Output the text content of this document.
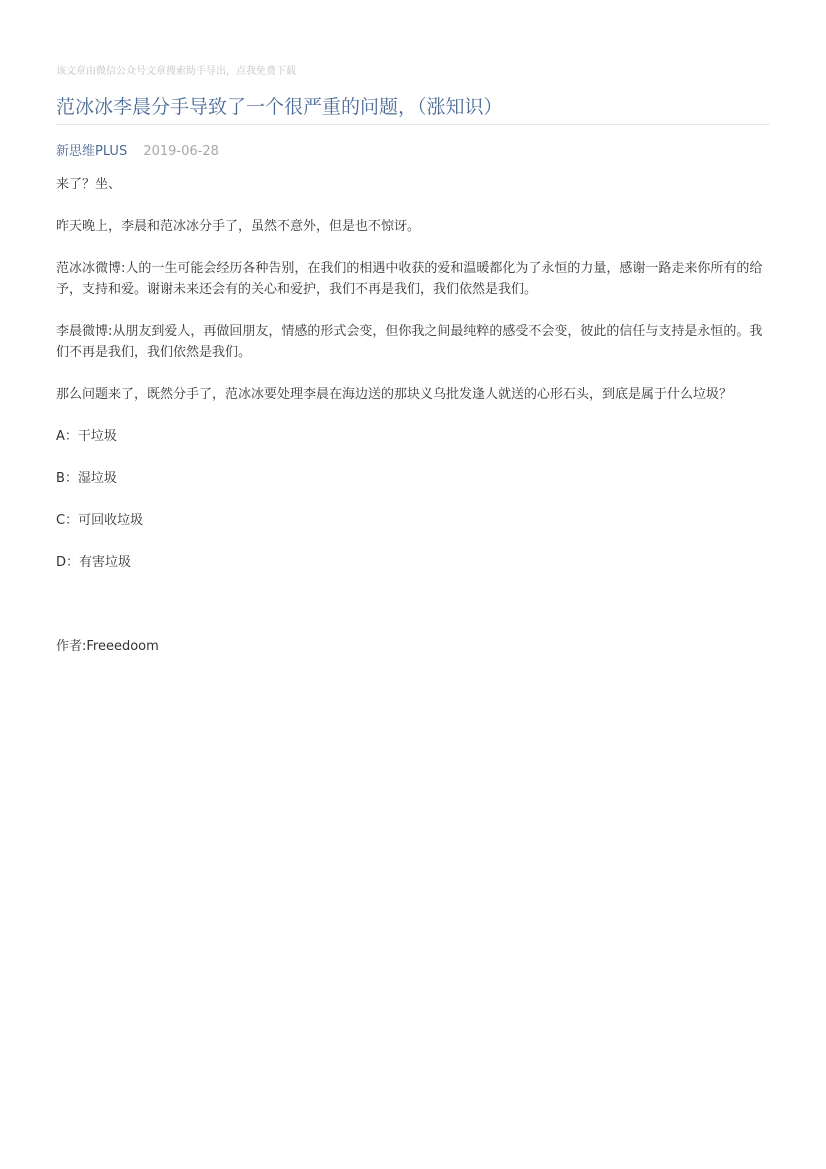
该文章由微信公众号文章搜索助手导出，点我免费下载
范冰冰李晨分手导致了一个很严重的问题，（涨知识）
新思维PLUS 2019-06-28

来了？坐、

昨天晚上，李晨和范冰冰分手了，虽然不意外，但是也不惊讶。

范冰冰微博:人的一生可能会经历各种告别，在我们的相遇中收获的爱和温暖都化为了永恒的力量，感谢一路走来你所有的给予，支持和爱。谢谢未来还会有的关心和爱护，我们不再是我们，我们依然是我们。

李晨微博:从朋友到爱人，再做回朋友，情感的形式会变，但你我之间最纯粹的感受不会变，彼此的信任与支持是永恒的。我们不再是我们，我们依然是我们。

那么问题来了，既然分手了，范冰冰要处理李晨在海边送的那块义乌批发逢人就送的心形石头，到底是属于什么垃圾？

A：干垃圾

B：湿垃圾

C：可回收垃圾

D：有害垃圾

作者:Freeedoom
